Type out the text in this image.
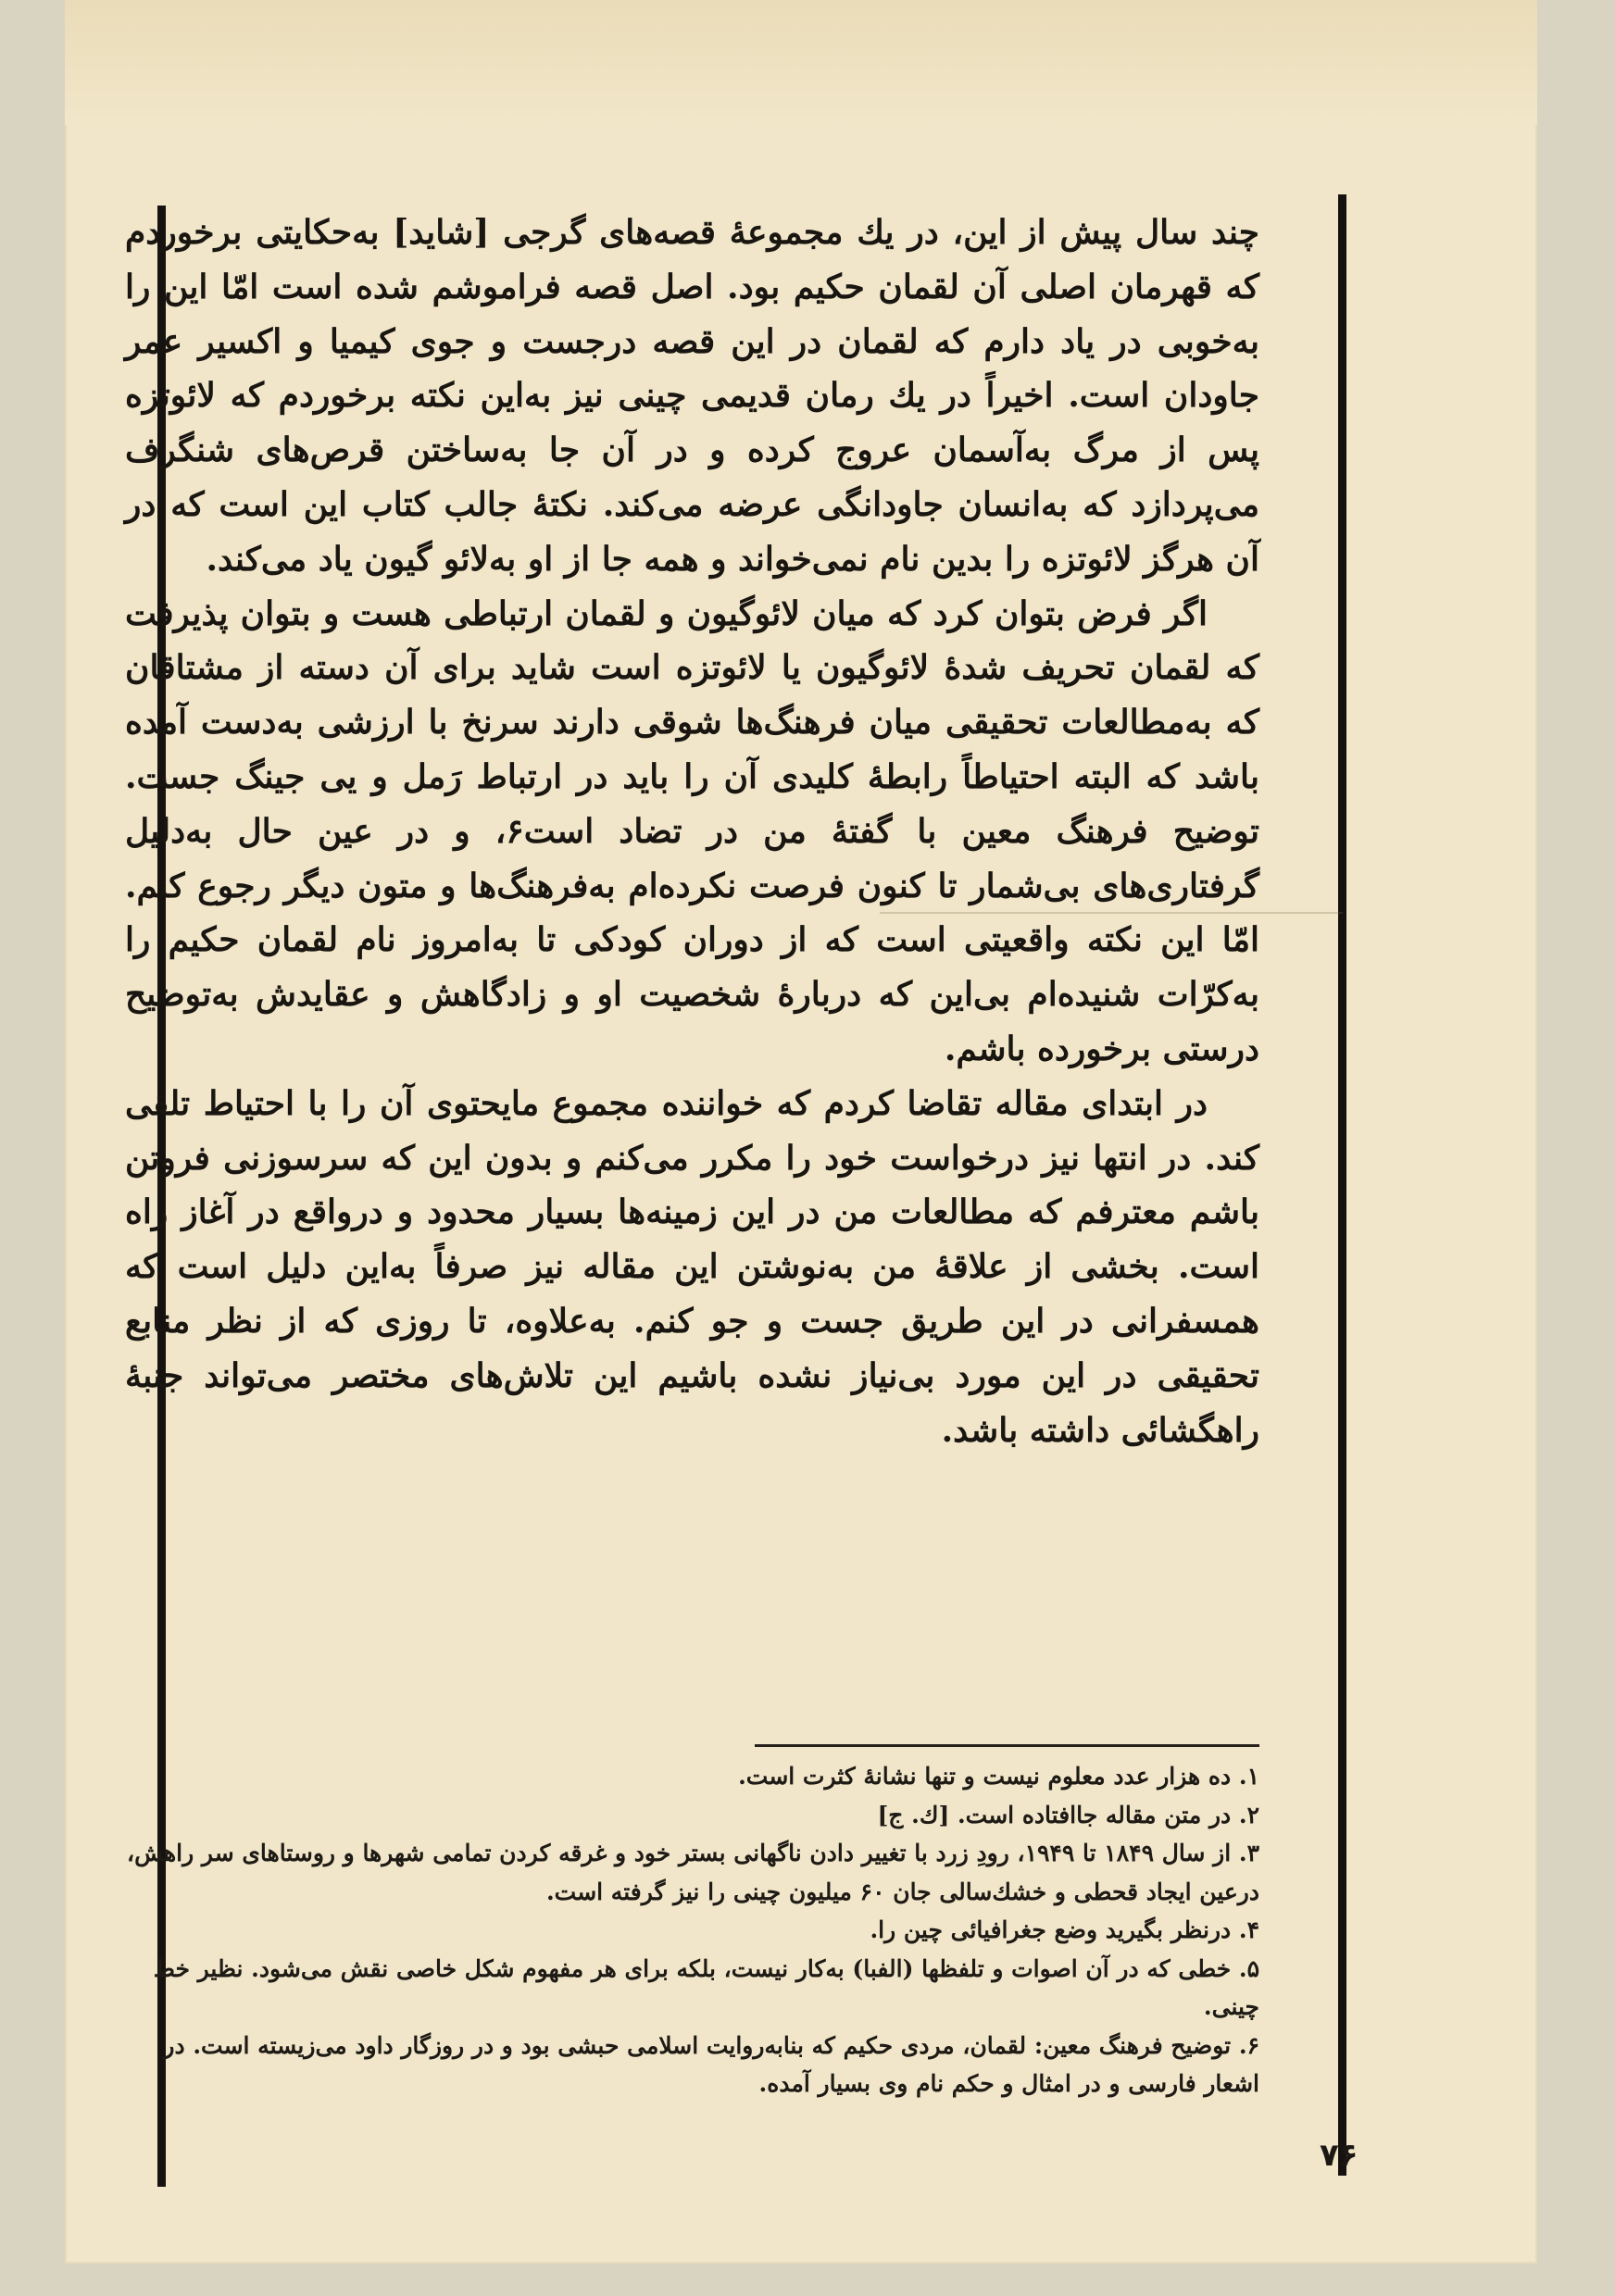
چند سال پیش از این، در یك مجموعهٔ قصه‌های گرجی [شاید] به‌حکایتی برخوردم که قهرمان اصلی آن لقمان حکیم بود. اصل قصه فراموشم شده است امّا این را به‌خوبی در یاد دارم که لقمان در این قصه درجست و جوی کیمیا و اکسیر عمر جاودان است. اخیراً در یك رمان قدیمی چینی نیز به‌این نکته برخوردم که لائوتزه پس از مرگ به‌آسمان عروج کرده و در آن جا به‌ساختن قرص‌های شنگرف می‌پردازد که به‌انسان جاودانگی عرضه می‌کند. نکتهٔ جالب کتاب این است که در آن هرگز لائوتزه را بدین نام نمی‌خواند و همه جا از او به‌لائو گیون یاد می‌کند.

اگر فرض بتوان کرد که میان لائوگیون و لقمان ارتباطی هست و بتوان پذیرفت که لقمان تحریف شدهٔ لائوگیون یا لائوتزه است شاید برای آن دسته از مشتاقان که به‌مطالعات تحقیقی میان فرهنگ‌ها شوقی دارند سرنخ با ارزشی به‌دست آمده باشد که البته احتیاطاً رابطهٔ کلیدی آن را باید در ارتباط رَمل و یی جینگ جست. توضیح فرهنگ معین با گفتهٔ من در تضاد است۶، و در عین حال به‌دلیل گرفتاری‌های بی‌شمار تا کنون فرصت نکرده‌ام به‌فرهنگ‌ها و متون دیگر رجوع کنم. امّا این نکته واقعیتی است که از دوران کودکی تا به‌امروز نام لقمان حکیم را به‌کرّات شنیده‌ام بی‌این که دربارهٔ شخصیت او و زادگاهش و عقایدش به‌توضیح درستی برخورده باشم.

در ابتدای مقاله تقاضا کردم که خواننده مجموع مایحتوی آن را با احتیاط تلقی کند. در انتها نیز درخواست خود را مکرر می‌کنم و بدون این که سرسوزنی فروتن باشم معترفم که مطالعات من در این زمینه‌ها بسیار محدود و درواقع در آغاز راه است. بخشی از علاقهٔ من به‌نوشتن این مقاله نیز صرفاً به‌این دلیل است که همسفرانی در این طریق جست و جو کنم. به‌علاوه، تا روزی که از نظر منابع تحقیقی در این مورد بی‌نیاز نشده باشیم این تلاش‌های مختصر می‌تواند جنبهٔ راهگشائی داشته باشد.

۱. ده هزار عدد معلوم نیست و تنها نشانهٔ کثرت است.

۲. در متن مقاله جاافتاده است. [ك. ج]

۳. از سال ۱۸۴۹ تا ۱۹۴۹، رودِ زرد با تغییر دادن ناگهانی بستر خود و غرقه کردن تمامی شهرها و روستاهای سر راهش، درعین ایجاد قحطی و خشك‌سالی جان ۶۰ میلیون چینی را نیز گرفته است.

۴. درنظر بگیرید وضع جغرافیائی چین را.

۵. خطی که در آن اصوات و تلفظها (الفبا) به‌کار نیست، بلکه برای هر مفهوم شکل خاصی نقش می‌شود. نظیر خط چینی.

۶. توضیح فرهنگ معین: لقمان، مردی حکیم که بنابه‌روایت اسلامی حبشی بود و در روزگار داود می‌زیسته است. در اشعار فارسی و در امثال و حکم نام وی بسیار آمده.

۷۶
